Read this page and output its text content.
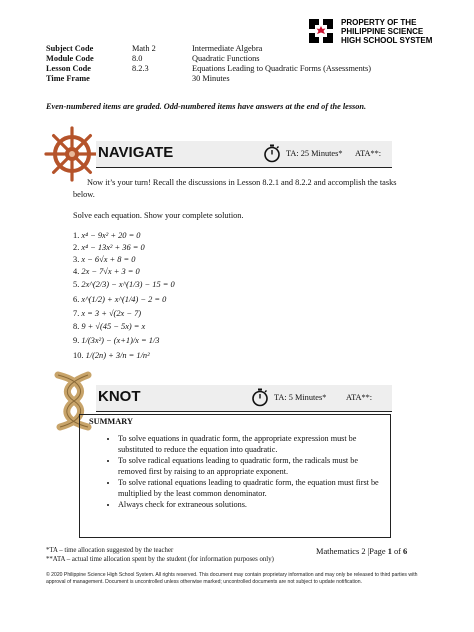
PROPERTY OF THE
PHILIPPINE SCIENCE
HIGH SCHOOL SYSTEM
Subject Code	Math 2	Intermediate Algebra
Module Code	8.0	Quadratic Functions
Lesson Code	8.2.3	Equations Leading to Quadratic Forms (Assessments)
Time Frame	30 Minutes
Even-numbered items are graded. Odd-numbered items have answers at the end of the lesson.
NAVIGATE	TA: 25 Minutes* ATA**:
Now it’s your turn! Recall the discussions in Lesson 8.2.1 and 8.2.2 and accomplish the tasks below.
Solve each equation. Show your complete solution.
1. x⁴ − 9x² + 20 = 0
2. x⁴ − 13x² + 36 = 0
3. x − 6√x + 8 = 0
4. 2x − 7√x + 3 = 0
5. 2x^(2/3) − x^(1/3) − 15 = 0
6. x^(1/2) + x^(1/4) − 2 = 0
7. x = 3 + √(2x − 7)
8. 9 + √(45 − 5x) = x
9. 1/(3x²) − (x+1)/x = 1/3
10. 1/(2n) + 3/n = 1/n²
KNOT	TA: 5 Minutes* ATA**:
SUMMARY
• To solve equations in quadratic form, the appropriate expression must be substituted to reduce the equation into quadratic.
• To solve radical equations leading to quadratic form, the radicals must be removed first by raising to an appropriate exponent.
• To solve rational equations leading to quadratic form, the equation must first be multiplied by the least common denominator.
• Always check for extraneous solutions.
*TA – time allocation suggested by the teacher
**ATA – actual time allocation spent by the student (for information purposes only)
Mathematics 2 |Page 1 of 6
© 2020 Philippine Science High School System. All rights reserved. This document may contain proprietary information and may only be released to third parties with approval of management. Document is uncontrolled unless otherwise marked; uncontrolled documents are not subject to update notification.
